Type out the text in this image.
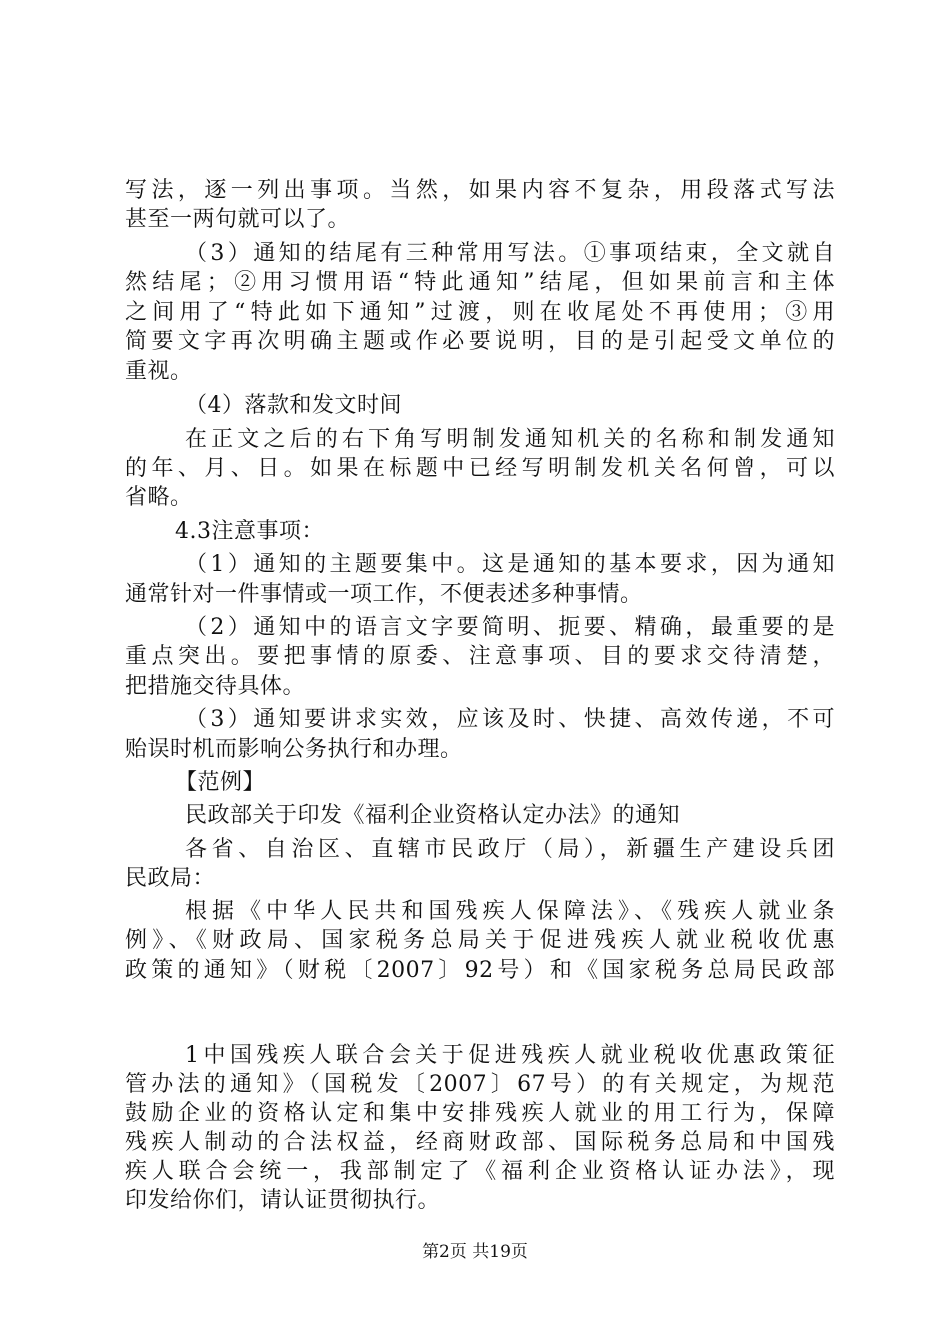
写法，逐一列出事项。当然，如果内容不复杂，用段落式写法
甚至一两句就可以了。
（3）通知的结尾有三种常用写法。①事项结束，全文就自
然结尾；②用习惯用语“特此通知”结尾，但如果前言和主体
之间用了“特此如下通知”过渡，则在收尾处不再使用；③用
简要文字再次明确主题或作必要说明，目的是引起受文单位的
重视。
（4）落款和发文时间
在正文之后的右下角写明制发通知机关的名称和制发通知
的年、月、日。如果在标题中已经写明制发机关名何曾，可以
省略。
4.3注意事项：
（1）通知的主题要集中。这是通知的基本要求，因为通知
通常针对一件事情或一项工作，不便表述多种事情。
（2）通知中的语言文字要简明、扼要、精确，最重要的是
重点突出。要把事情的原委、注意事项、目的要求交待清楚，
把措施交待具体。
（3）通知要讲求实效，应该及时、快捷、高效传递，不可
贻误时机而影响公务执行和办理。
【范例】
民政部关于印发《福利企业资格认定办法》的通知
各省、自治区、直辖市民政厅（局），新疆生产建设兵团
民政局：
根据《中华人民共和国残疾人保障法》、《残疾人就业条
例》、《财政局、国家税务总局关于促进残疾人就业税收优惠
政策的通知》（财税〔2007〕92号）和《国家税务总局民政部
1中国残疾人联合会关于促进残疾人就业税收优惠政策征
管办法的通知》（国税发〔2007〕67号）的有关规定，为规范
鼓励企业的资格认定和集中安排残疾人就业的用工行为，保障
残疾人制动的合法权益，经商财政部、国际税务总局和中国残
疾人联合会统一，我部制定了《福利企业资格认证办法》，现
印发给你们，请认证贯彻执行。
第2页 共19页
